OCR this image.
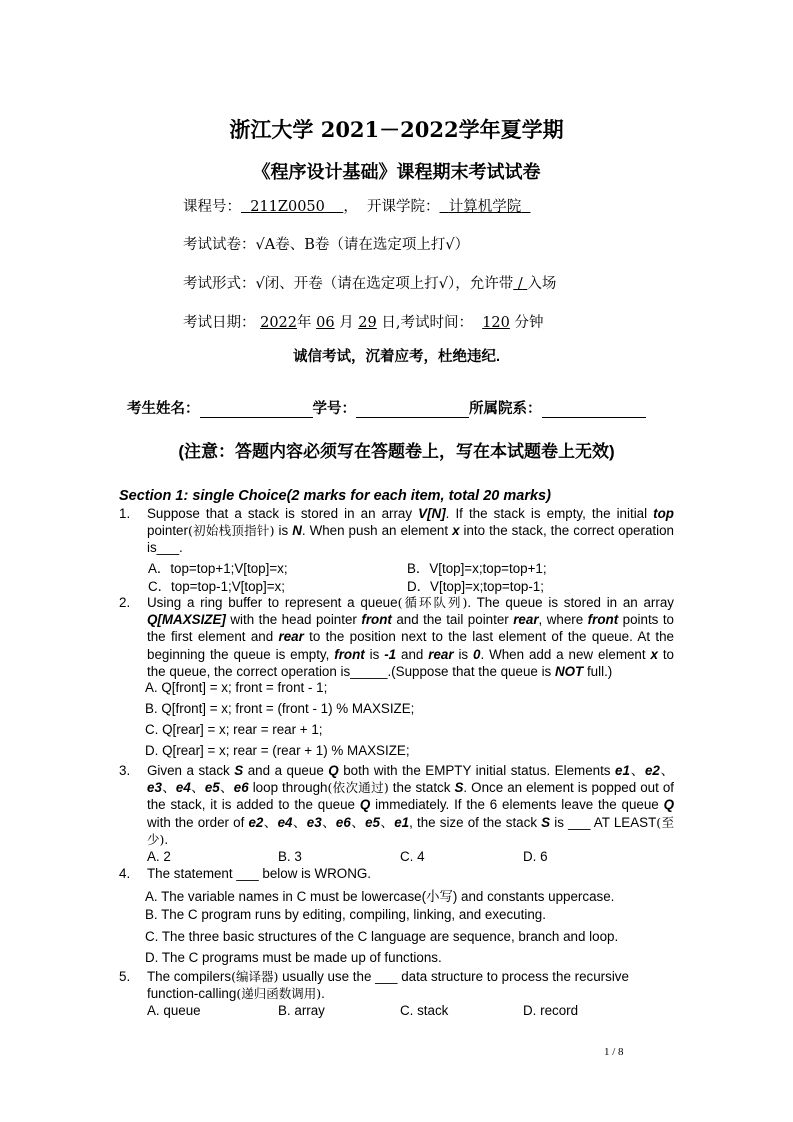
浙江大学 2021－2022学年夏学期
《程序设计基础》课程期末考试试卷
课程号： 211Z0050 ，  开课学院： 计算机学院
考试试卷：√A卷、B卷（请在选定项上打√）
考试形式：√闭、开卷（请在选定项上打√），允许带 / 入场
考试日期： 2022年 06 月 29 日,考试时间： 120 分钟
诚信考试，沉着应考，杜绝违纪.
考生姓名：	学号：	所属院系：
(注意：答题内容必须写在答题卷上，写在本试题卷上无效)
Section 1: single Choice(2 marks for each item, total 20 marks)
1. Suppose that a stack is stored in an array V[N]. If the stack is empty, the initial top pointer(初始栈顶指针) is N. When push an element x into the stack, the correct operation is___.
A．top=top+1;V[top]=x;	B．V[top]=x;top=top+1;
C．top=top-1;V[top]=x;	D．V[top]=x;top=top-1;
2. Using a ring buffer to represent a queue(循环队列). The queue is stored in an array Q[MAXSIZE] with the head pointer front and the tail pointer rear, where front points to the first element and rear to the position next to the last element of the queue. At the beginning the queue is empty, front is -1 and rear is 0. When add a new element x to the queue, the correct operation is_____.(Suppose that the queue is NOT full.)
A. Q[front] = x; front = front - 1;
B. Q[front] = x; front = (front - 1) % MAXSIZE;
C. Q[rear] = x; rear = rear + 1;
D. Q[rear] = x; rear = (rear + 1) % MAXSIZE;
3. Given a stack S and a queue Q both with the EMPTY initial status. Elements e1、e2、e3、e4、e5、e6 loop through(依次通过) the statck S. Once an element is popped out of the stack, it is added to the queue Q immediately. If the 6 elements leave the queue Q with the order of e2、e4、e3、e6、e5、e1, the size of the stack S is ___ AT LEAST(至少).
A. 2	B. 3	C. 4	D. 6
4. The statement ___ below is WRONG.
A. The variable names in C must be lowercase(小写) and constants uppercase.
B. The C program runs by editing, compiling, linking, and executing.
C. The three basic structures of the C language are sequence, branch and loop.
D. The C programs must be made up of functions.
5. The compilers(编译器) usually use the ___ data structure to process the recursive function-calling(递归函数调用).
A. queue	B. array	C. stack	D. record
1 / 8
